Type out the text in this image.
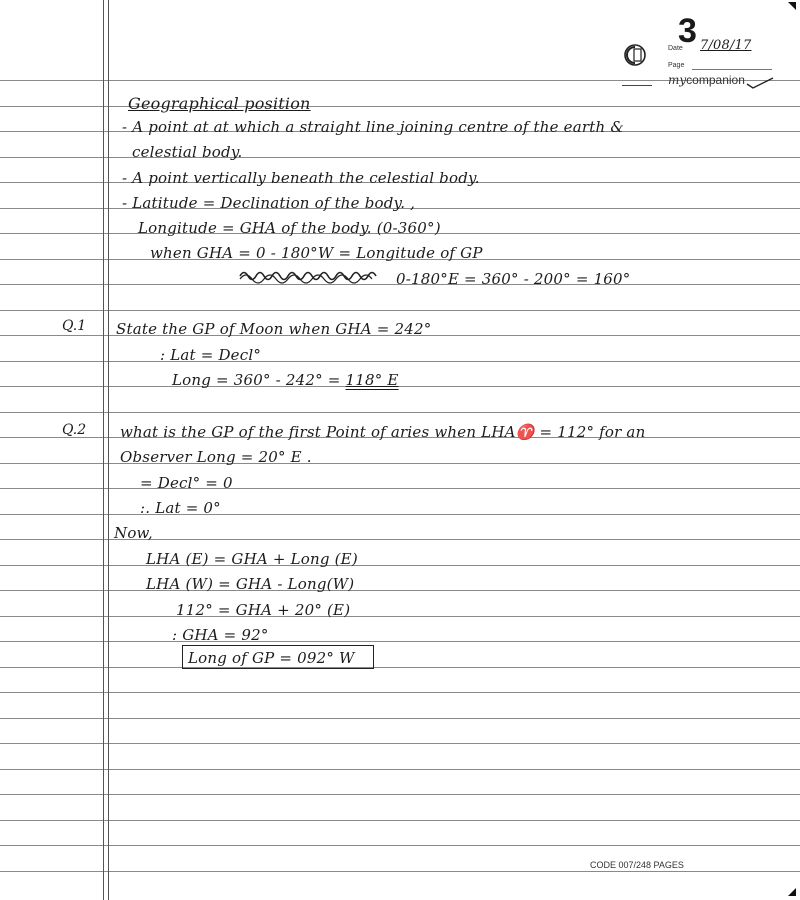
3
Date 7/08/17
Page
mycompanion
Geographical position
- A point at at which a straight line joining centre of the earth &
celestial body.
- A point vertically beneath the celestial body.
- Latitude = Declination of the body. ,
Longitude = GHA of the body. (0-360°)
when GHA = 0 - 180°W = Longitude of GP
0-180°E = 360° - 200° = 160°
Q.1 State the GP of Moon when GHA = 242°
: Lat = Decl°
Long = 360° - 242° = 118° E
Q.2 what is the GP of the first Point of aries when LHA♈ = 112° for an
Observer Long = 20° E .
= Decl° = 0
:. Lat = 0°
Now,
LHA (E) = GHA + Long (E)
LHA (W) = GHA - Long(W)
112° = GHA + 20° (E)
: GHA = 92°
Long of GP = 092° W
CODE 007/248 PAGES
